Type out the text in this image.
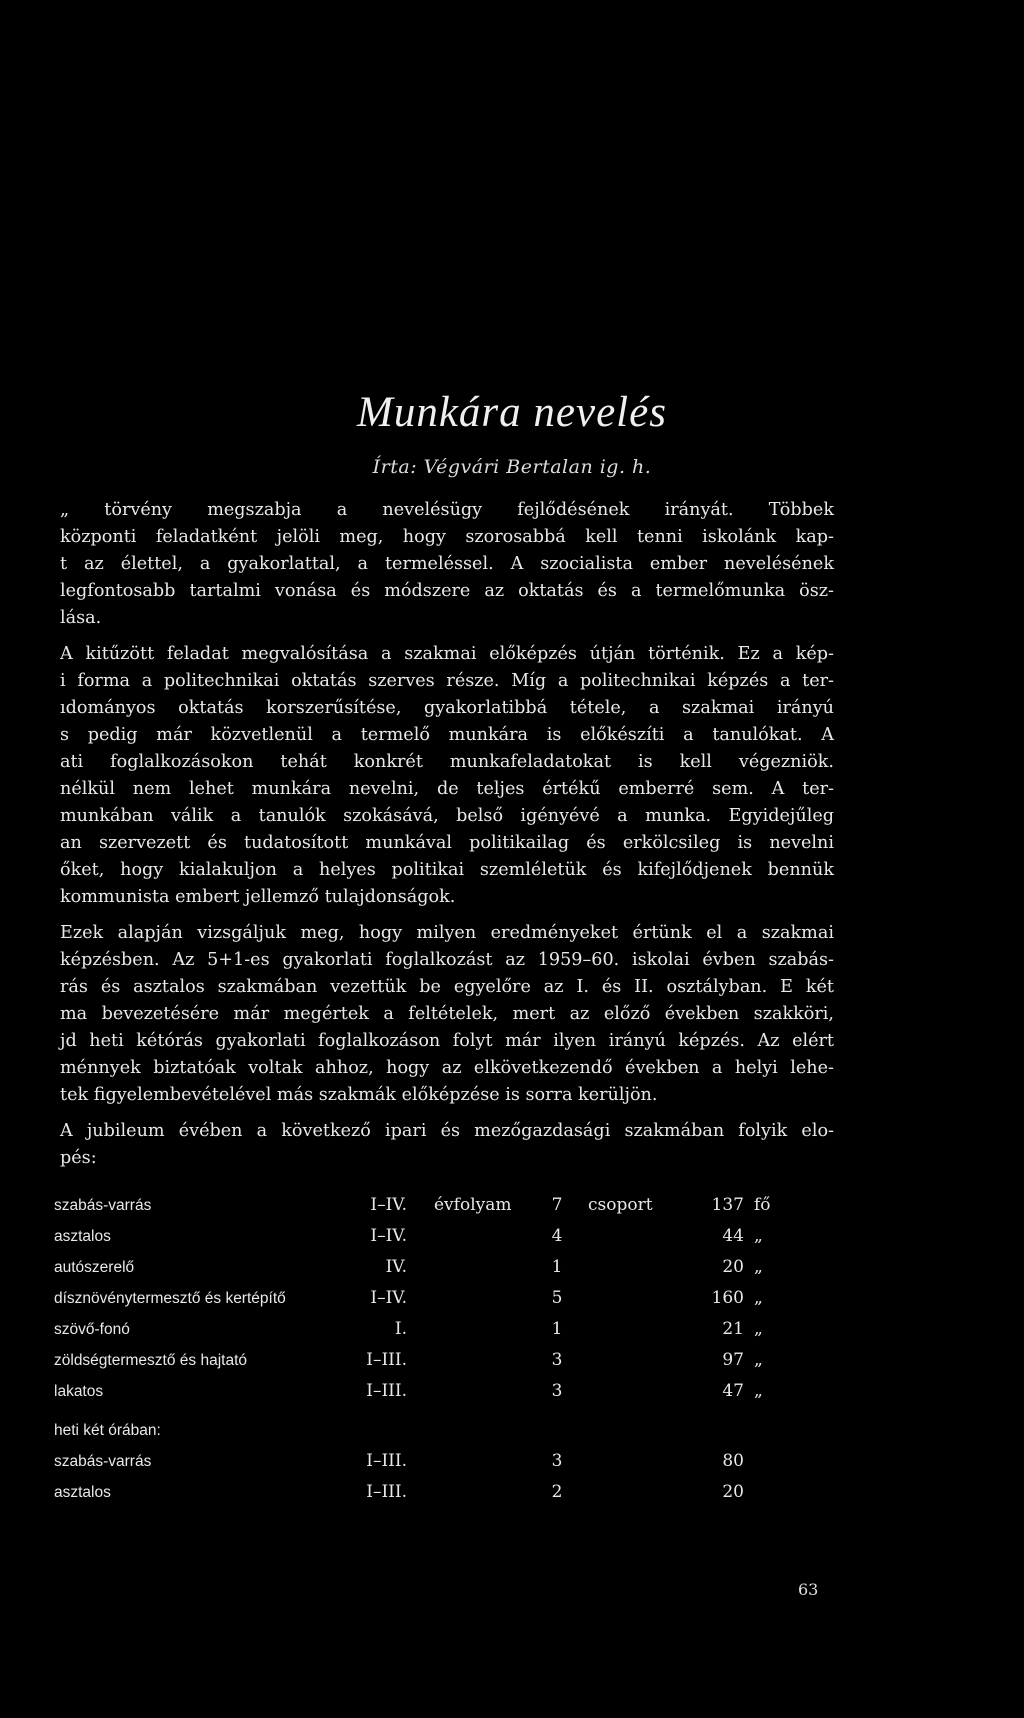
Munkára nevelés
Írta: Végvári Bertalan ig. h.
„ törvény megszabja a nevelésügy fejlődésének irányát. Többek
központi feladatként jelöli meg, hogy szorosabbá kell tenni iskolánk kap-
t az élettel, a gyakorlattal, a termeléssel. A szocialista ember nevelésének
legfontosabb tartalmi vonása és módszere az oktatás és a termelőmunka ösz-
lása.
A kitűzött feladat megvalósítása a szakmai előképzés útján történik. Ez a kép-
i forma a politechnikai oktatás szerves része. Míg a politechnikai képzés a ter-
ıdományos oktatás korszerűsítése, gyakorlatibbá tétele, a szakmai irányú
s pedig már közvetlenül a termelő munkára is előkészíti a tanulókat. A
ati foglalkozásokon tehát konkrét munkafeladatokat is kell végezniök.
nélkül nem lehet munkára nevelni, de teljes értékű emberré sem. A ter-
munkában válik a tanulók szokásává, belső igényévé a munka. Egyidejűleg
an szervezett és tudatosított munkával politikailag és erkölcsileg is nevelni
őket, hogy kialakuljon a helyes politikai szemléletük és kifejlődjenek bennük
kommunista embert jellemző tulajdonságok.
Ezek alapján vizsgáljuk meg, hogy milyen eredményeket értünk el a szakmai
képzésben. Az 5+1-es gyakorlati foglalkozást az 1959–60. iskolai évben szabás-
rás és asztalos szakmában vezettük be egyelőre az I. és II. osztályban. E két
ma bevezetésére már megértek a feltételek, mert az előző években szakköri,
jd heti kétórás gyakorlati foglalkozáson folyt már ilyen irányú képzés. Az elért
ménnyek biztatóak voltak ahhoz, hogy az elkövetkezendő években a helyi lehe-
tek figyelembevételével más szakmák előképzése is sorra kerüljön.
A jubileum évében a következő ipari és mezőgazdasági szakmában folyik elo-
pés:
szabás-varrás	I–IV. évfolyam	7	csoport	137 fő
asztalos	I–IV.	4	44 „
autószerelő	IV.	1	20 „
dísznövénytermesztő és kertépítő	I–IV.	5	160 „
szövő-fonó	I.	1	21 „
zöldségtermesztő és hajtató	I–III.	3	97 „
lakatos	I–III.	3	47 „
heti két órában:
szabás-varrás	I–III.	3	80
asztalos	I–III.	2	20
63
